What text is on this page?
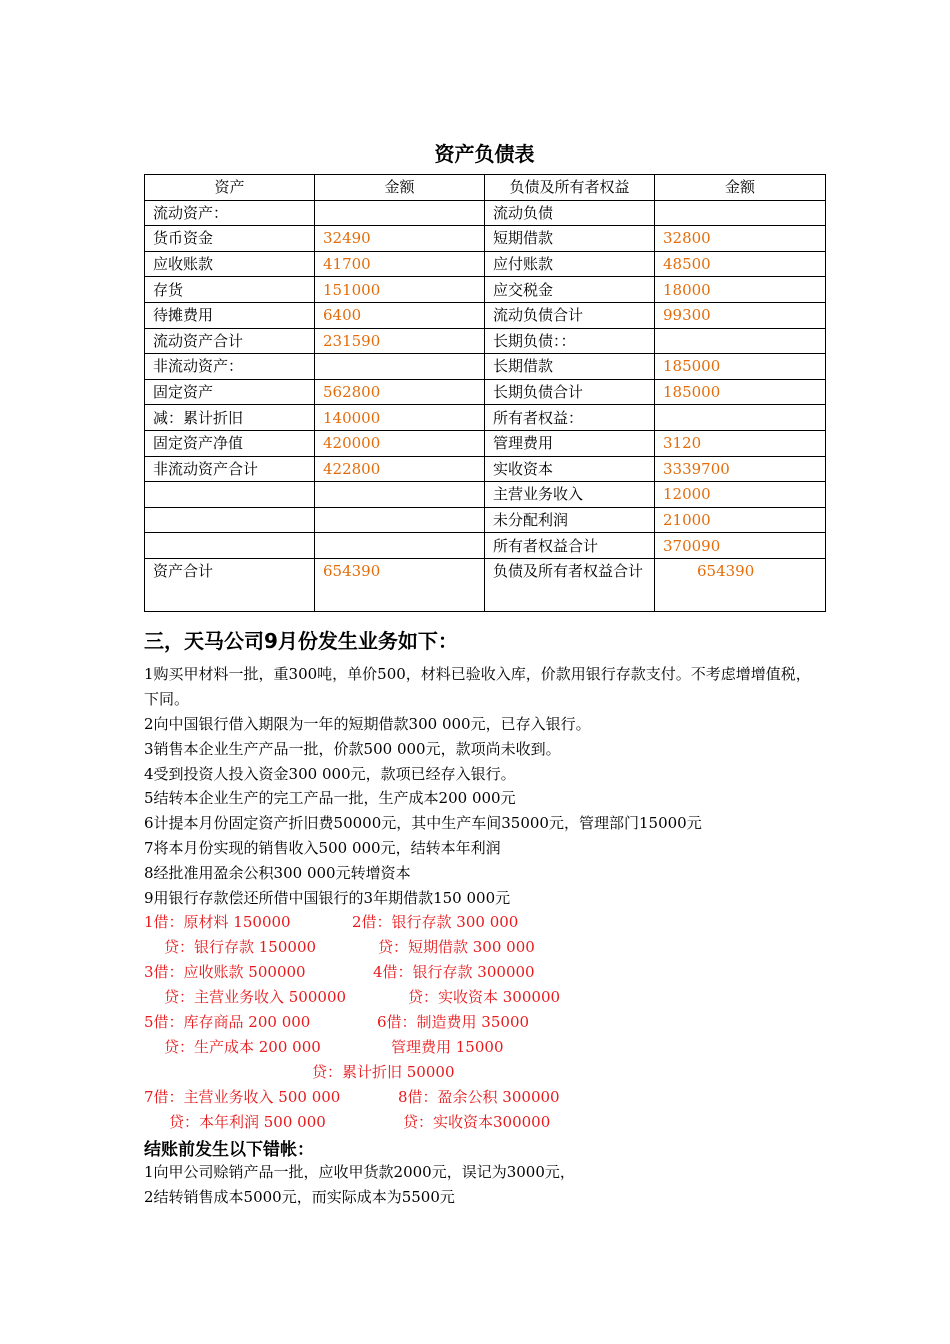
资产负债表
资产	金额	负债及所有者权益	金额
流动资产：		流动负债	
货币资金	32490	短期借款	32800
应收账款	41700	应付账款	48500
存货	151000	应交税金	18000
待摊费用	6400	流动负债合计	99300
流动资产合计	231590	长期负债：：	
非流动资产：		长期借款	185000
固定资产	562800	长期负债合计	185000
减：累计折旧	140000	所有者权益：	
固定资产净值	420000	管理费用	3120
非流动资产合计	422800	实收资本	3339700
		主营业务收入	12000
		未分配利润	21000
		所有者权益合计	370090
资产合计	654390	负债及所有者权益合计	654390
三，天马公司9月份发生业务如下：
1购买甲材料一批，重300吨，单价500，材料已验收入库，价款用银行存款支付。不考虑增增值税，下同。
2向中国银行借入期限为一年的短期借款300 000元，已存入银行。
3销售本企业生产产品一批，价款500 000元，款项尚未收到。
4受到投资人投入资金300 000元，款项已经存入银行。
5结转本企业生产的完工产品一批，生产成本200 000元
6计提本月份固定资产折旧费50000元，其中生产车间35000元，管理部门15000元
7将本月份实现的销售收入500 000元，结转本年利润
8经批准用盈余公积300 000元转增资本
9用银行存款偿还所借中国银行的3年期借款150 000元
1借：原材料 150000	2借：银行存款 300 000
贷：银行存款 150000	贷：短期借款 300 000
3借：应收账款 500000	4借：银行存款 300000
贷：主营业务收入 500000	贷：实收资本 300000
5借：库存商品 200 000	6借：制造费用 35000
贷：生产成本 200 000	管理费用 15000
贷：累计折旧 50000
7借：主营业务收入 500 000	8借：盈余公积 300000
贷：本年利润 500 000	贷：实收资本300000
结账前发生以下错帐：
1向甲公司赊销产品一批，应收甲货款2000元，误记为3000元，
2结转销售成本5000元，而实际成本为5500元
